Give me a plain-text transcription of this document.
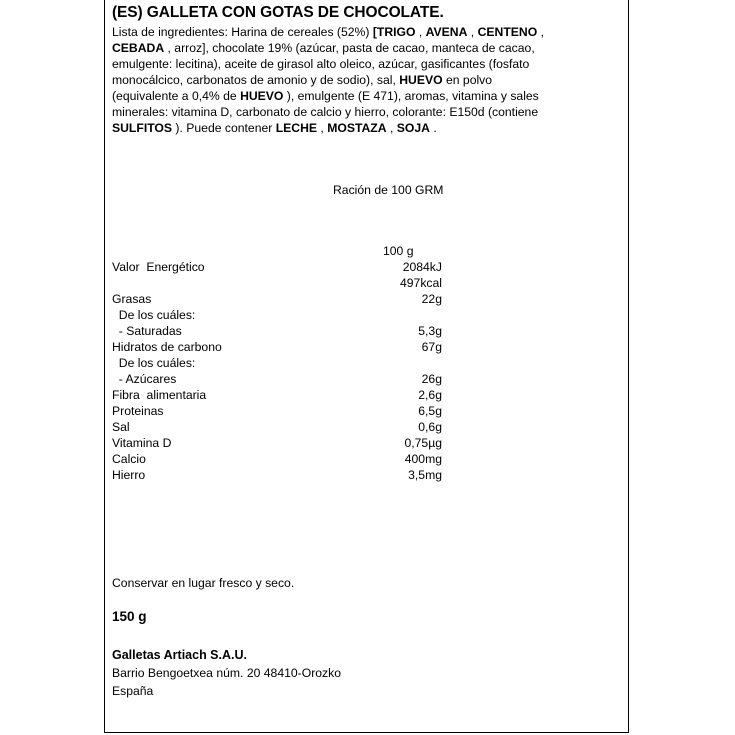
(ES) GALLETA CON GOTAS DE CHOCOLATE.
Lista de ingredientes: Harina de cereales (52%) [TRIGO , AVENA , CENTENO ,
CEBADA , arroz], chocolate 19% (azúcar, pasta de cacao, manteca de cacao,
emulgente: lecitina), aceite de girasol alto oleico, azúcar, gasificantes (fosfato
monocálcico, carbonatos de amonio y de sodio), sal, HUEVO en polvo
(equivalente a 0,4% de HUEVO ), emulgente (E 471), aromas, vitamina y sales
minerales: vitamina D, carbonato de calcio y hierro, colorante: E150d (contiene
SULFITOS ). Puede contener LECHE , MOSTAZA , SOJA .
Ración de 100 GRM
100 g
Valor  Energético	2084kJ
497kcal
Grasas	22g
De los cuáles:
- Saturadas	5,3g
Hidratos de carbono	67g
De los cuáles:
- Azúcares	26g
Fibra  alimentaria	2,6g
Proteinas	6,5g
Sal	0,6g
Vitamina D	0,75µg
Calcio	400mg
Hierro	3,5mg
Conservar en lugar fresco y seco.
150 g
Galletas Artiach S.A.U.
Barrio Bengoetxea núm. 20 48410-Orozko
España
